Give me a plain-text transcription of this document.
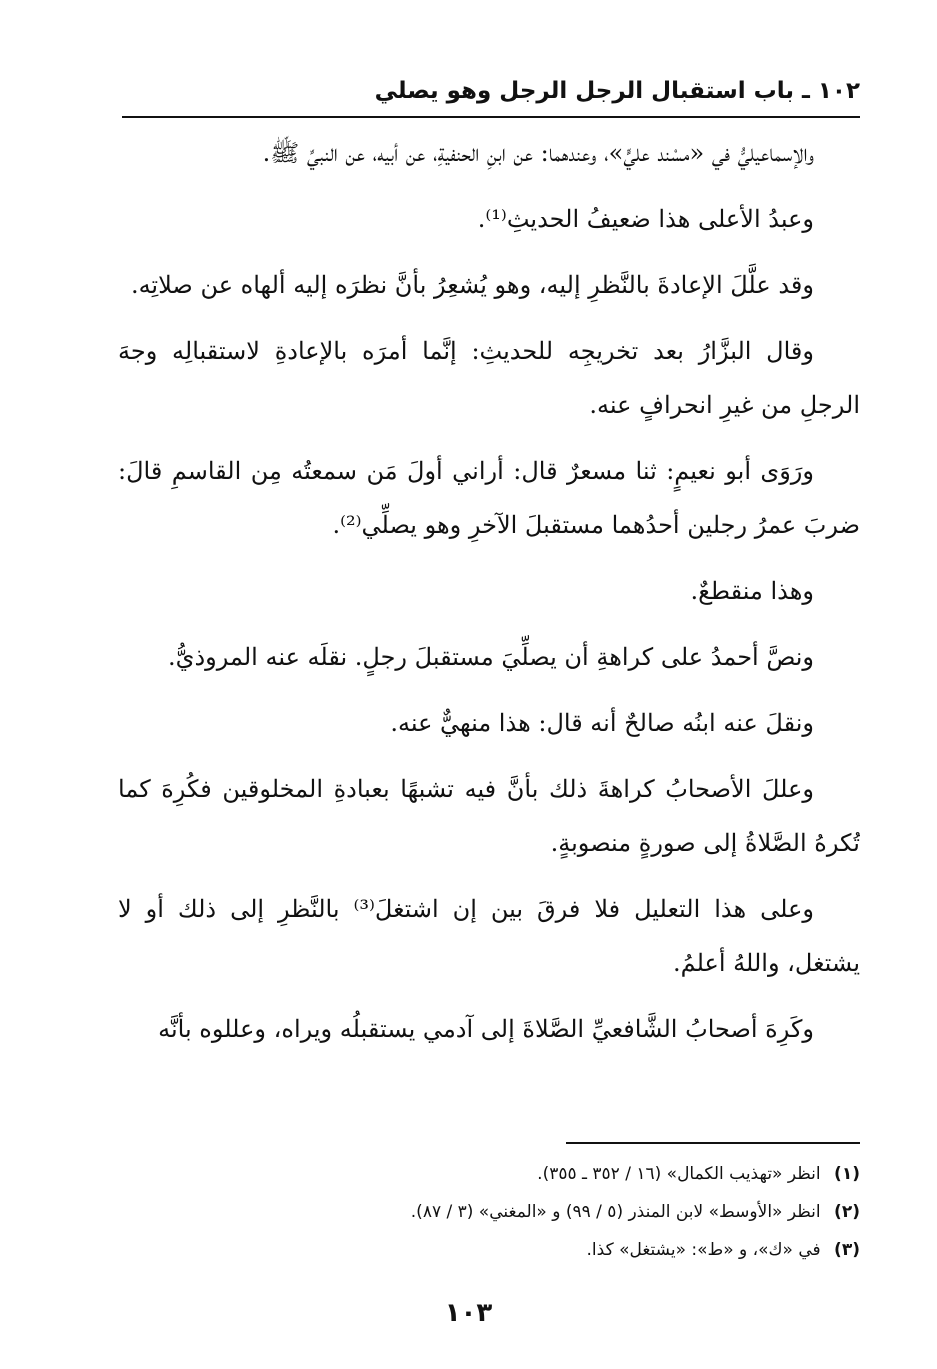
١٠٢ ـ باب استقبال الرجل الرجل وهو يصلي

والإسماعيليُّ في «مسْند عليٍّ»، وعندهما: عن ابنِ الحنفيةِ، عن أبيه، عن النبيِّ ﷺ.

وعبدُ الأعلى هذا ضعيفُ الحديثِ⁽¹⁾.

وقد علَّلَ الإعادةَ بالنَّظرِ إليه، وهو يُشعِرُ بأنَّ نظرَه إليه ألهاه عن صلاتِه.

وقال البزَّارُ بعد تخريجِه للحديثِ: إنَّما أمرَه بالإعادةِ لاستقبالِه وجهَ الرجلِ من غيرِ انحرافٍ عنه.

ورَوَى أبو نعيمٍ: ثنا مسعرٌ قال: أراني أولَ مَن سمعتُه مِن القاسمِ قالَ: ضربَ عمرُ رجلين أحدُهما مستقبلَ الآخرِ وهو يصلِّي⁽²⁾.

وهذا منقطعٌ.

ونصَّ أحمدُ على كراهةِ أن يصلِّيَ مستقبلَ رجلٍ. نقلَه عنه المروذيُّ.

ونقلَ عنه ابنُه صالحٌ أنه قال: هذا منهيٌّ عنه.

وعللَ الأصحابُ كراهةَ ذلك بأنَّ فيه تشبهًا بعبادةِ المخلوقين فكُرِهَ كما تُكرهُ الصَّلاةُ إلى صورةٍ منصوبةٍ.

وعلى هذا التعليل فلا فرقَ بين إن اشتغلَ⁽³⁾ بالنَّظرِ إلى ذلك أو لا يشتغل، واللهُ أعلمُ.

وكَرِهَ أصحابُ الشَّافعيِّ الصَّلاةَ إلى آدمي يستقبلُه ويراه، وعللوه بأنَّه

(١) انظر «تهذيب الكمال» (١٦ / ٣٥٢ ـ ٣٥٥).
(٢) انظر «الأوسط» لابن المنذر (٥ / ٩٩) و «المغني» (٣ / ٨٧).
(٣) في «ك»، و «ط»: «يشتغل» كذا.
١٠٣
